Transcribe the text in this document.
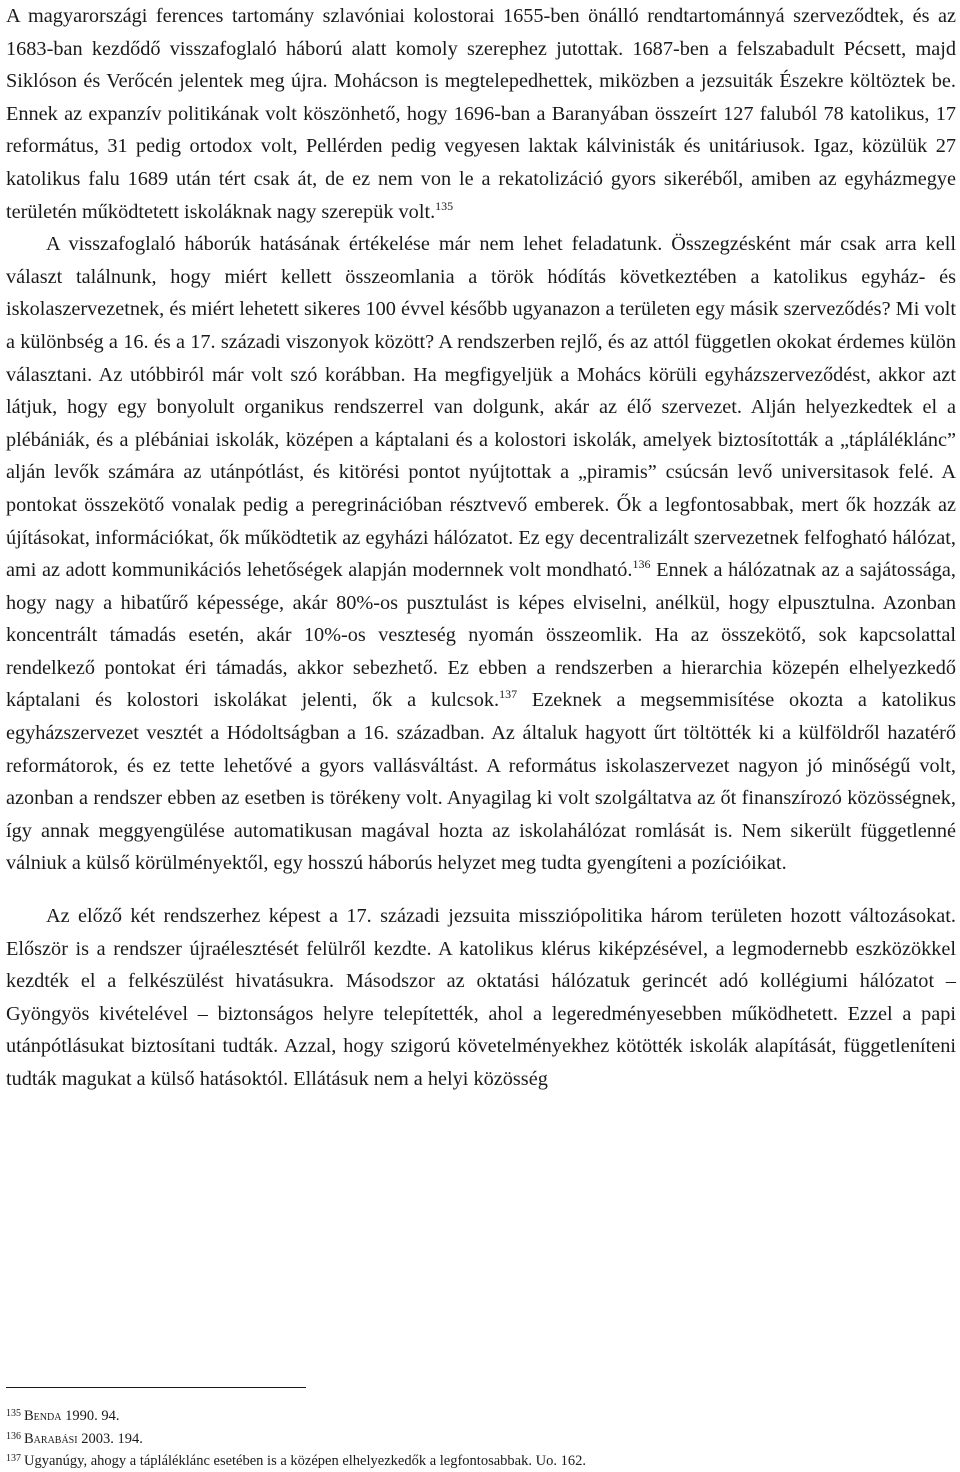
A magyarországi ferences tartomány szlavóniai kolostorai 1655-ben önálló rendtartománnyá szerveződtek, és az 1683-ban kezdődő visszafoglaló háború alatt komoly szerephez jutottak. 1687-ben a felszabadult Pécsett, majd Siklóson és Verőcén jelentek meg újra. Mohácson is megtelepedhettek, miközben a jezsuiták Észekre költöztek be. Ennek az expanzív politikának volt köszönhető, hogy 1696-ban a Baranyában összeírt 127 faluból 78 katolikus, 17 református, 31 pedig ortodox volt, Pellérden pedig vegyesen laktak kálvinisták és unitáriusok. Igaz, közülük 27 katolikus falu 1689 után tért csak át, de ez nem von le a rekatolizáció gyors sikeréből, amiben az egyházmegye területén működtetett iskoláknak nagy szerepük volt.$^{135}$

A visszafoglaló háborúk hatásának értékelése már nem lehet feladatunk. Összegzésként már csak arra kell választ találnunk, hogy miért kellett összeomlania a török hódítás következtében a katolikus egyház- és iskolaszervezetnek, és miért lehetett sikeres 100 évvel később ugyanazon a területen egy másik szerveződés? Mi volt a különbség a 16. és a 17. századi viszonyok között? A rendszerben rejlő, és az attól független okokat érdemes külön választani. Az utóbbiról már volt szó korábban. Ha megfigyeljük a Mohács körüli egyházszerveződést, akkor azt látjuk, hogy egy bonyolult organikus rendszerrel van dolgunk, akár az élő szervezet. Alján helyezkedtek el a plébániák, és a plébániai iskolák, középen a káptalani és a kolostori iskolák, amelyek biztosították a „tápláléklánc” alján levők számára az utánpótlást, és kitörési pontot nyújtottak a „piramis” csúcsán levő universitasok felé. A pontokat összekötő vonalak pedig a peregrinációban résztvevő emberek. Ők a legfontosabbak, mert ők hozzák az újításokat, információkat, ők működtetik az egyházi hálózatot. Ez egy decentralizált szervezetnek felfogható hálózat, ami az adott kommunikációs lehetőségek alapján modernnek volt mondható.$^{136}$ Ennek a hálózatnak az a sajátossága, hogy nagy a hibatűrő képessége, akár 80%-os pusztulást is képes elviselni, anélkül, hogy elpusztulna. Azonban koncentrált támadás esetén, akár 10%-os veszteség nyomán összeomlik. Ha az összekötő, sok kapcsolattal rendelkező pontokat éri támadás, akkor sebezhető. Ez ebben a rendszerben a hierarchia közepén elhelyezkedő káptalani és kolostori iskolákat jelenti, ők a kulcsok.$^{137}$ Ezeknek a megsemmisítése okozta a katolikus egyházszervezet vesztét a Hódoltságban a 16. században. Az általuk hagyott űrt töltötték ki a külföldről hazatérő reformátorok, és ez tette lehetővé a gyors vallásváltást. A református iskolaszervezet nagyon jó minőségű volt, azonban a rendszer ebben az esetben is törékeny volt. Anyagilag ki volt szolgáltatva az őt finanszírozó közösségnek, így annak meggyengülése automatikusan magával hozta az iskolahálózat romlását is. Nem sikerült függetlenné válniuk a külső körülményektől, egy hosszú háborús helyzet meg tudta gyengíteni a pozícióikat.

Az előző két rendszerhez képest a 17. századi jezsuita missziópolitika három területen hozott változásokat. Először is a rendszer újraélesztését felülről kezdte. A katolikus klérus kiképzésével, a legmodernebb eszközökkel kezdték el a felkészülést hivatásukra. Másodszor az oktatási hálózatuk gerincét adó kollégiumi hálózatot – Gyöngyös kivételével – biztonságos helyre telepítették, ahol a legeredményesebben működhetett. Ezzel a papi utánpótlásukat biztosítani tudták. Azzal, hogy szigorú követelményekhez kötötték iskolák alapítását, függetleníteni tudták magukat a külső hatásoktól. Ellátásuk nem a helyi közösség

$^{135}$ Benda 1990. 94.

$^{136}$ Barabási 2003. 194.

$^{137}$ Ugyanúgy, ahogy a tápláléklánc esetében is a középen elhelyezkedők a legfontosabbak. Uo. 162.
